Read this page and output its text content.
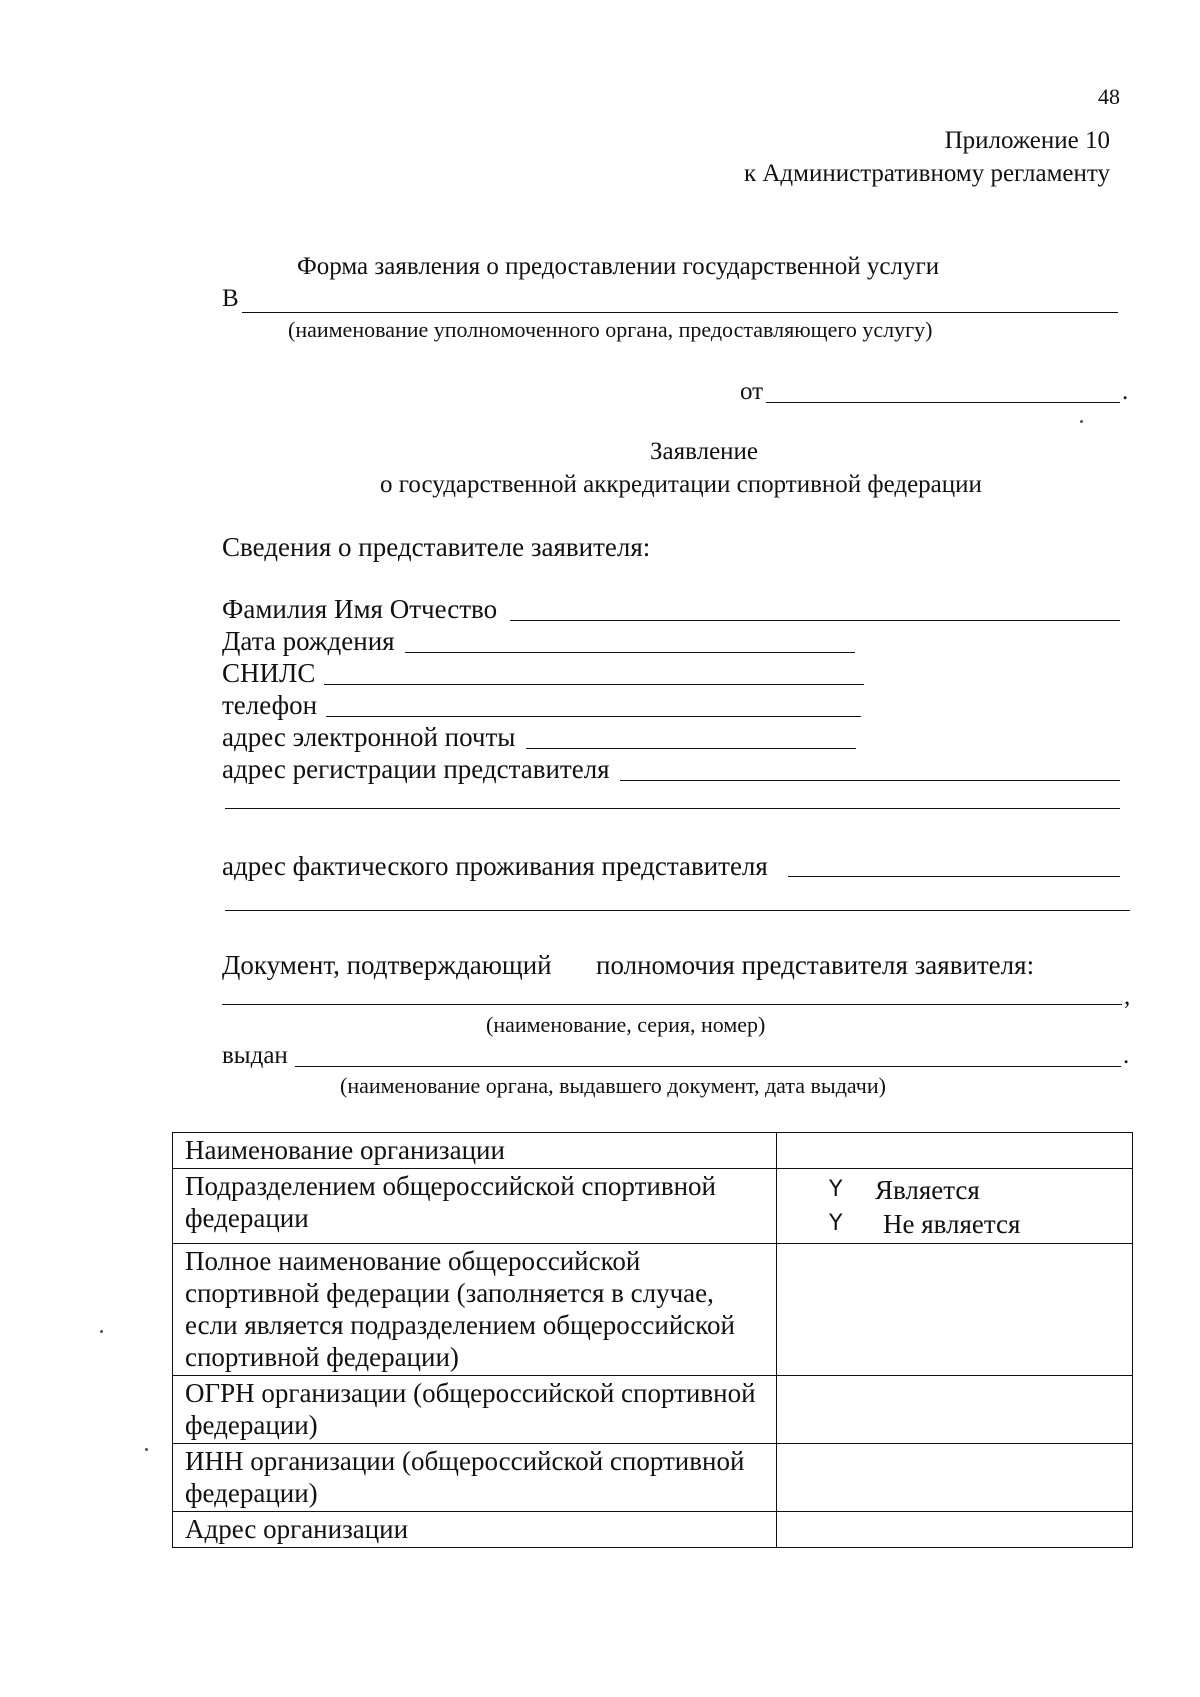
48
Приложение 10
к Административному регламенту
Форма заявления о предоставлении государственной услуги
В
(наименование уполномоченного органа, предоставляющего услугу)
от	.
Заявление
о государственной аккредитации спортивной федерации
Сведения о представителе заявителя:
Фамилия Имя Отчество
Дата рождения
СНИЛС
телефон
адрес электронной почты
адрес регистрации представителя
адрес фактического проживания представителя
Документ, подтверждающий полномочия представителя заявителя:
,
(наименование, серия, номер)
выдан	.
(наименование органа, выдавшего документ, дата выдачи)
Наименование организации	
Подразделением общероссийской спортивной федерации	Ү Является
Ү Не является

Полное наименование общероссийской спортивной федерации (заполняется в случае, если является подразделением общероссийской спортивной федерации)	
ОГРН организации (общероссийской спортивной федерации)	
ИНН организации (общероссийской спортивной федерации)	
Адрес организации	
